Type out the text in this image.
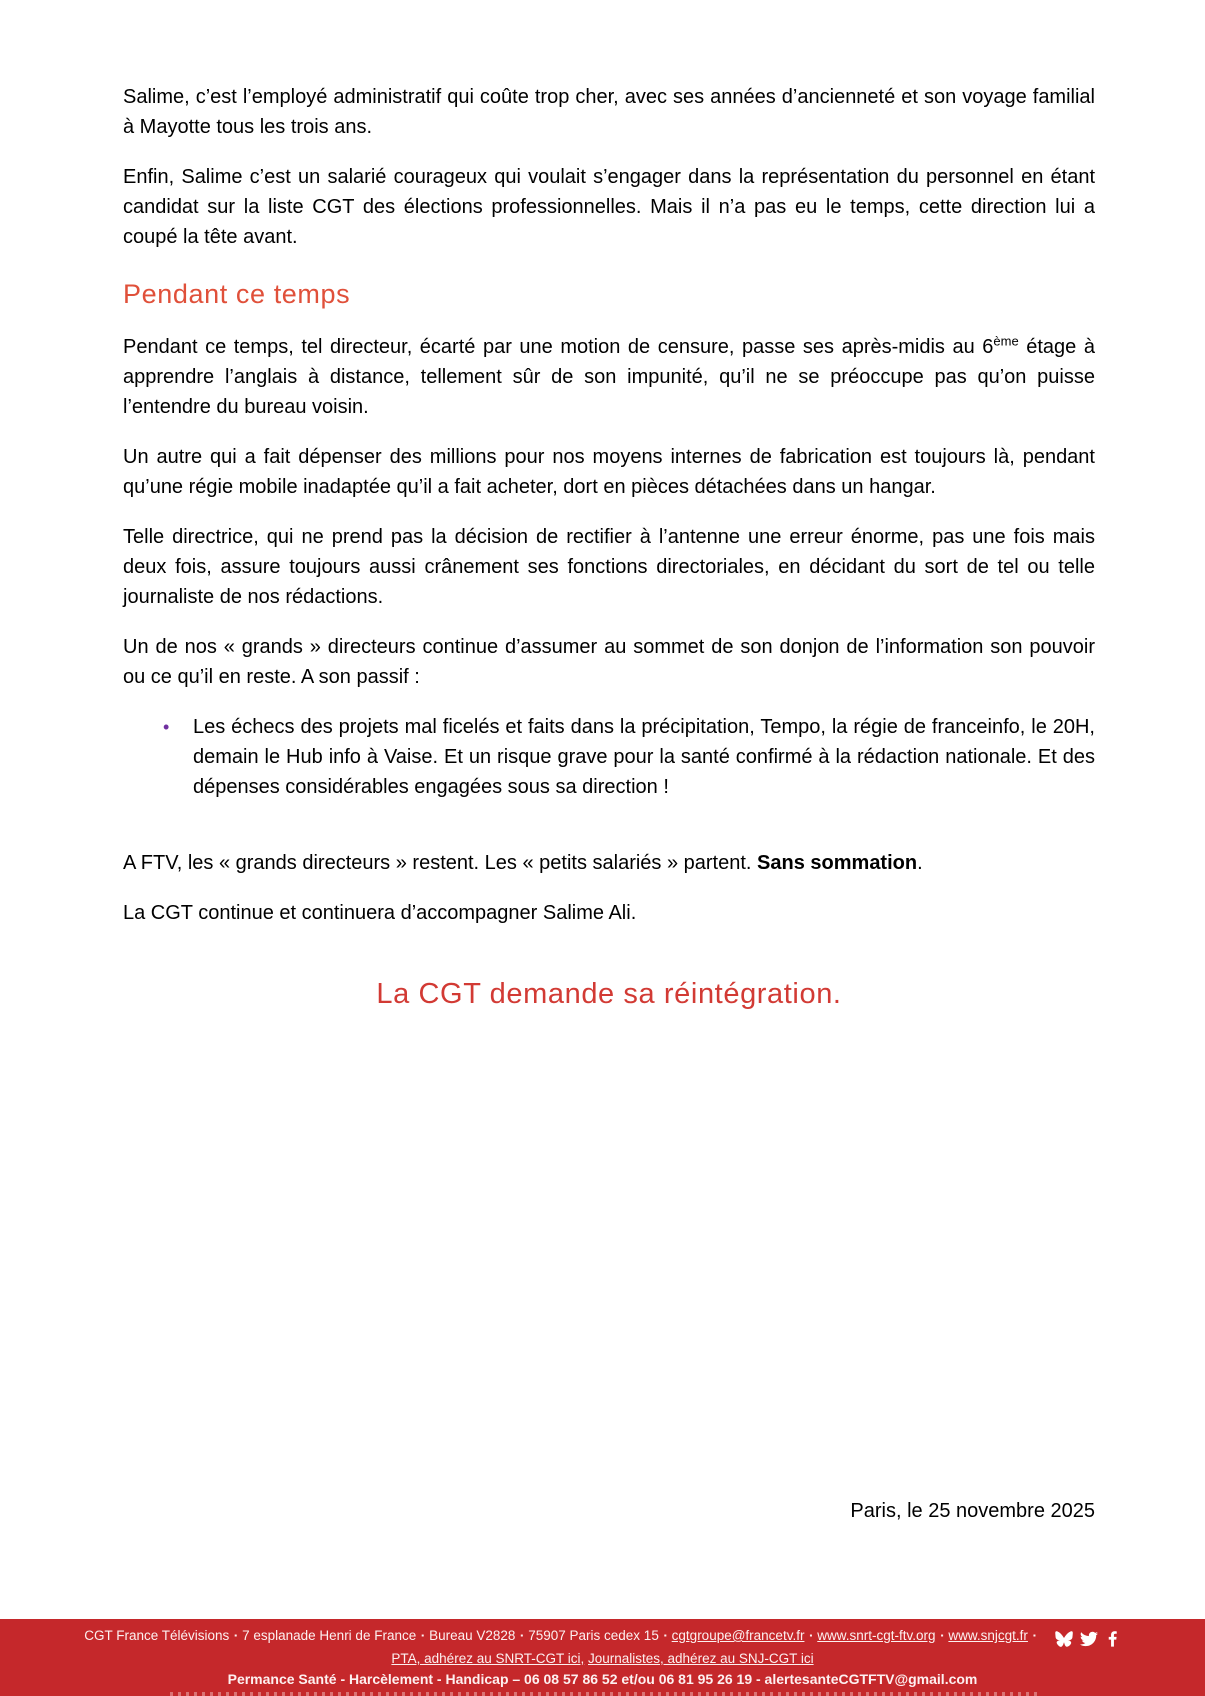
Salime, c’est l’employé administratif qui coûte trop cher, avec ses années d’ancienneté et son voyage familial à Mayotte tous les trois ans.

Enfin, Salime c’est un salarié courageux qui voulait s’engager dans la représentation du personnel en étant candidat sur la liste CGT des élections professionnelles. Mais il n’a pas eu le temps, cette direction lui a coupé la tête avant.

Pendant ce temps

Pendant ce temps, tel directeur, écarté par une motion de censure, passe ses après-midis au 6ème étage à apprendre l’anglais à distance, tellement sûr de son impunité, qu’il ne se préoccupe pas qu’on puisse l’entendre du bureau voisin.

Un autre qui a fait dépenser des millions pour nos moyens internes de fabrication est toujours là, pendant qu’une régie mobile inadaptée qu’il a fait acheter, dort en pièces détachées dans un hangar.

Telle directrice, qui ne prend pas la décision de rectifier à l’antenne une erreur énorme, pas une fois mais deux fois, assure toujours aussi crânement ses fonctions directoriales, en décidant du sort de tel ou telle journaliste de nos rédactions.

Un de nos « grands » directeurs continue d’assumer au sommet de son donjon de l’information son pouvoir ou ce qu’il en reste. A son passif :

•	Les échecs des projets mal ficelés et faits dans la précipitation, Tempo, la régie de franceinfo, le 20H, demain le Hub info à Vaise. Et un risque grave pour la santé confirmé à la rédaction nationale. Et des dépenses considérables engagées sous sa direction !

A FTV, les « grands directeurs » restent. Les « petits salariés » partent. Sans sommation.

La CGT continue et continuera d’accompagner Salime Ali.

La CGT demande sa réintégration.
Paris, le 25 novembre 2025
CGT France Télévisions ▪ 7 esplanade Henri de France ▪ Bureau V2828 ▪ 75907 Paris cedex 15 ▪ cgtgroupe@francetv.fr ▪ www.snrt-cgt-ftv.org ▪ www.snjcgt.fr ▪
PTA, adhérez au SNRT-CGT ici, Journalistes, adhérez au SNJ-CGT ici
Permance Santé - Harcèlement - Handicap – 06 08 57 86 52 et/ou 06 81 95 26 19 - alertesanteCGTFTV@gmail.com
